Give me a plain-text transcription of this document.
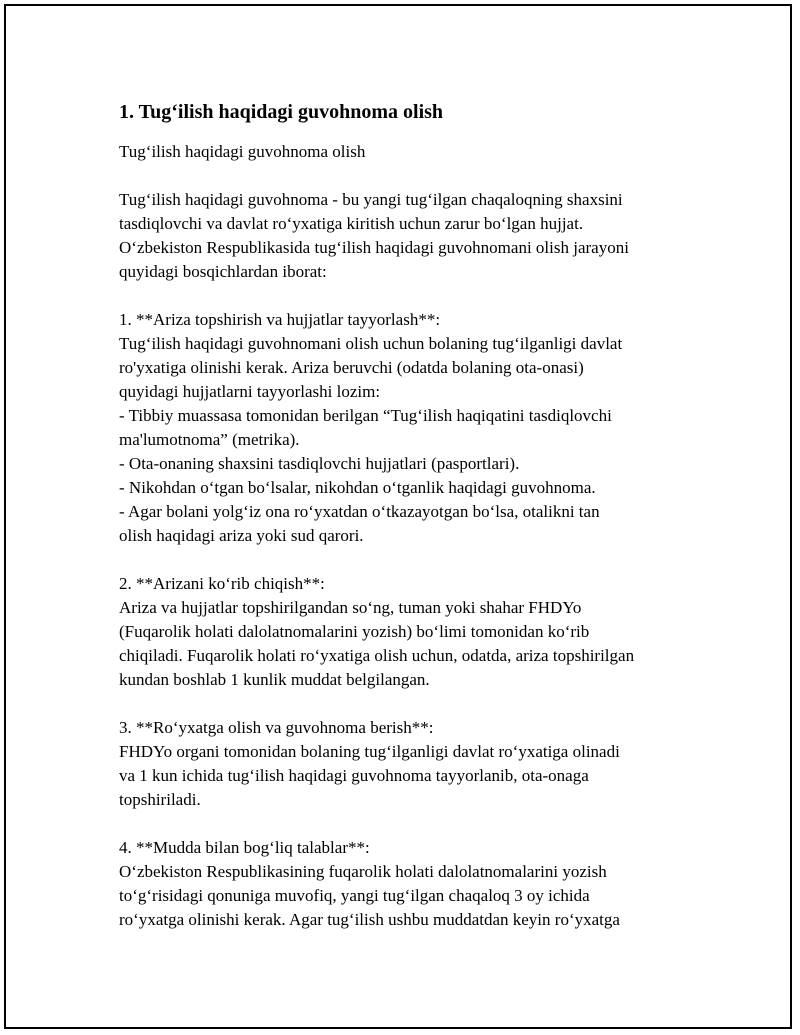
1. Tug‘ilish haqidagi guvohnoma olish
Tug‘ilish haqidagi guvohnoma olish
Tug‘ilish haqidagi guvohnoma - bu yangi tug‘ilgan chaqaloqning shaxsini
tasdiqlovchi va davlat ro‘yxatiga kiritish uchun zarur bo‘lgan hujjat.
O‘zbekiston Respublikasida tug‘ilish haqidagi guvohnomani olish jarayoni
quyidagi bosqichlardan iborat:
1. **Ariza topshirish va hujjatlar tayyorlash**:
Tug‘ilish haqidagi guvohnomani olish uchun bolaning tug‘ilganligi davlat
ro'yxatiga olinishi kerak. Ariza beruvchi (odatda bolaning ota-onasi)
quyidagi hujjatlarni tayyorlashi lozim:
- Tibbiy muassasa tomonidan berilgan “Tug‘ilish haqiqatini tasdiqlovchi
ma'lumotnoma” (metrika).
- Ota-onaning shaxsini tasdiqlovchi hujjatlari (pasportlari).
- Nikohdan o‘tgan bo‘lsalar, nikohdan o‘tganlik haqidagi guvohnoma.
- Agar bolani yolg‘iz ona ro‘yxatdan o‘tkazayotgan bo‘lsa, otalikni tan
olish haqidagi ariza yoki sud qarori.
2. **Arizani ko‘rib chiqish**:
Ariza va hujjatlar topshirilgandan so‘ng, tuman yoki shahar FHDYo
(Fuqarolik holati dalolatnomalarini yozish) bo‘limi tomonidan ko‘rib
chiqiladi. Fuqarolik holati ro‘yxatiga olish uchun, odatda, ariza topshirilgan
kundan boshlab 1 kunlik muddat belgilangan.
3. **Ro‘yxatga olish va guvohnoma berish**:
FHDYo organi tomonidan bolaning tug‘ilganligi davlat ro‘yxatiga olinadi
va 1 kun ichida tug‘ilish haqidagi guvohnoma tayyorlanib, ota-onaga
topshiriladi.
4. **Mudda bilan bog‘liq talablar**:
O‘zbekiston Respublikasining fuqarolik holati dalolatnomalarini yozish
to‘g‘risidagi qonuniga muvofiq, yangi tug‘ilgan chaqaloq 3 oy ichida
ro‘yxatga olinishi kerak. Agar tug‘ilish ushbu muddatdan keyin ro‘yxatga
